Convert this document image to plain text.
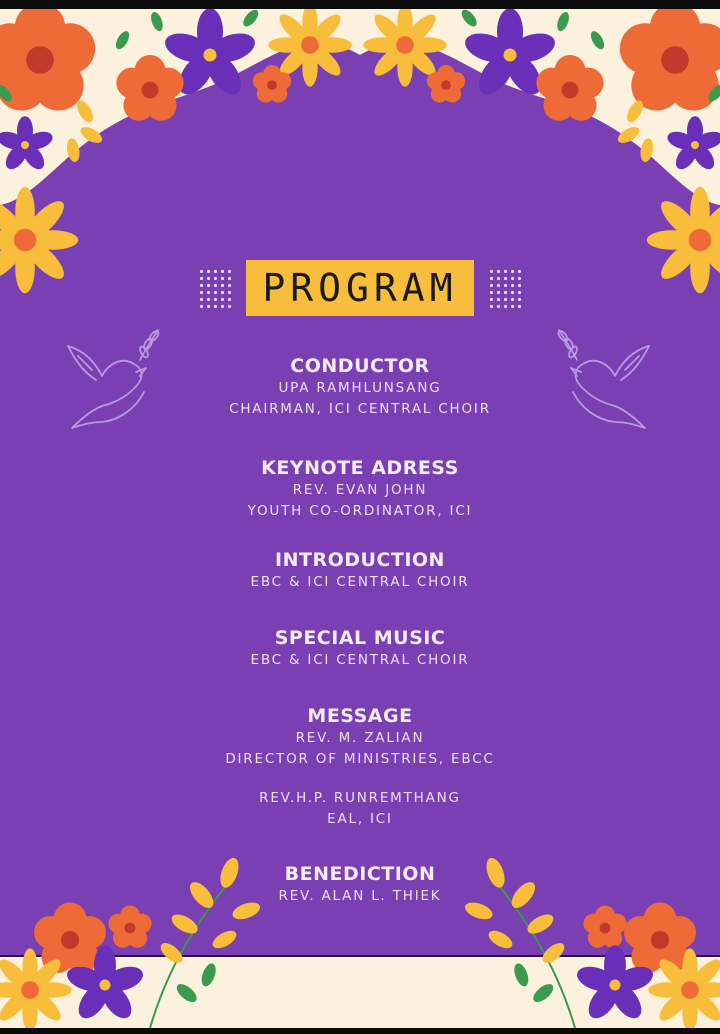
PROGRAM
CONDUCTOR
UPA RAMHLUNSANG
CHAIRMAN, ICI CENTRAL CHOIR
KEYNOTE ADRESS
REV. EVAN JOHN
YOUTH CO-ORDINATOR, ICI
INTRODUCTION
EBC & ICI CENTRAL CHOIR
SPECIAL MUSIC
EBC & ICI CENTRAL CHOIR
MESSAGE
REV. M. ZALIAN
DIRECTOR OF MINISTRIES, EBCC
REV.H.P. RUNREMTHANG
EAL, ICI
BENEDICTION
REV. ALAN L. THIEK
